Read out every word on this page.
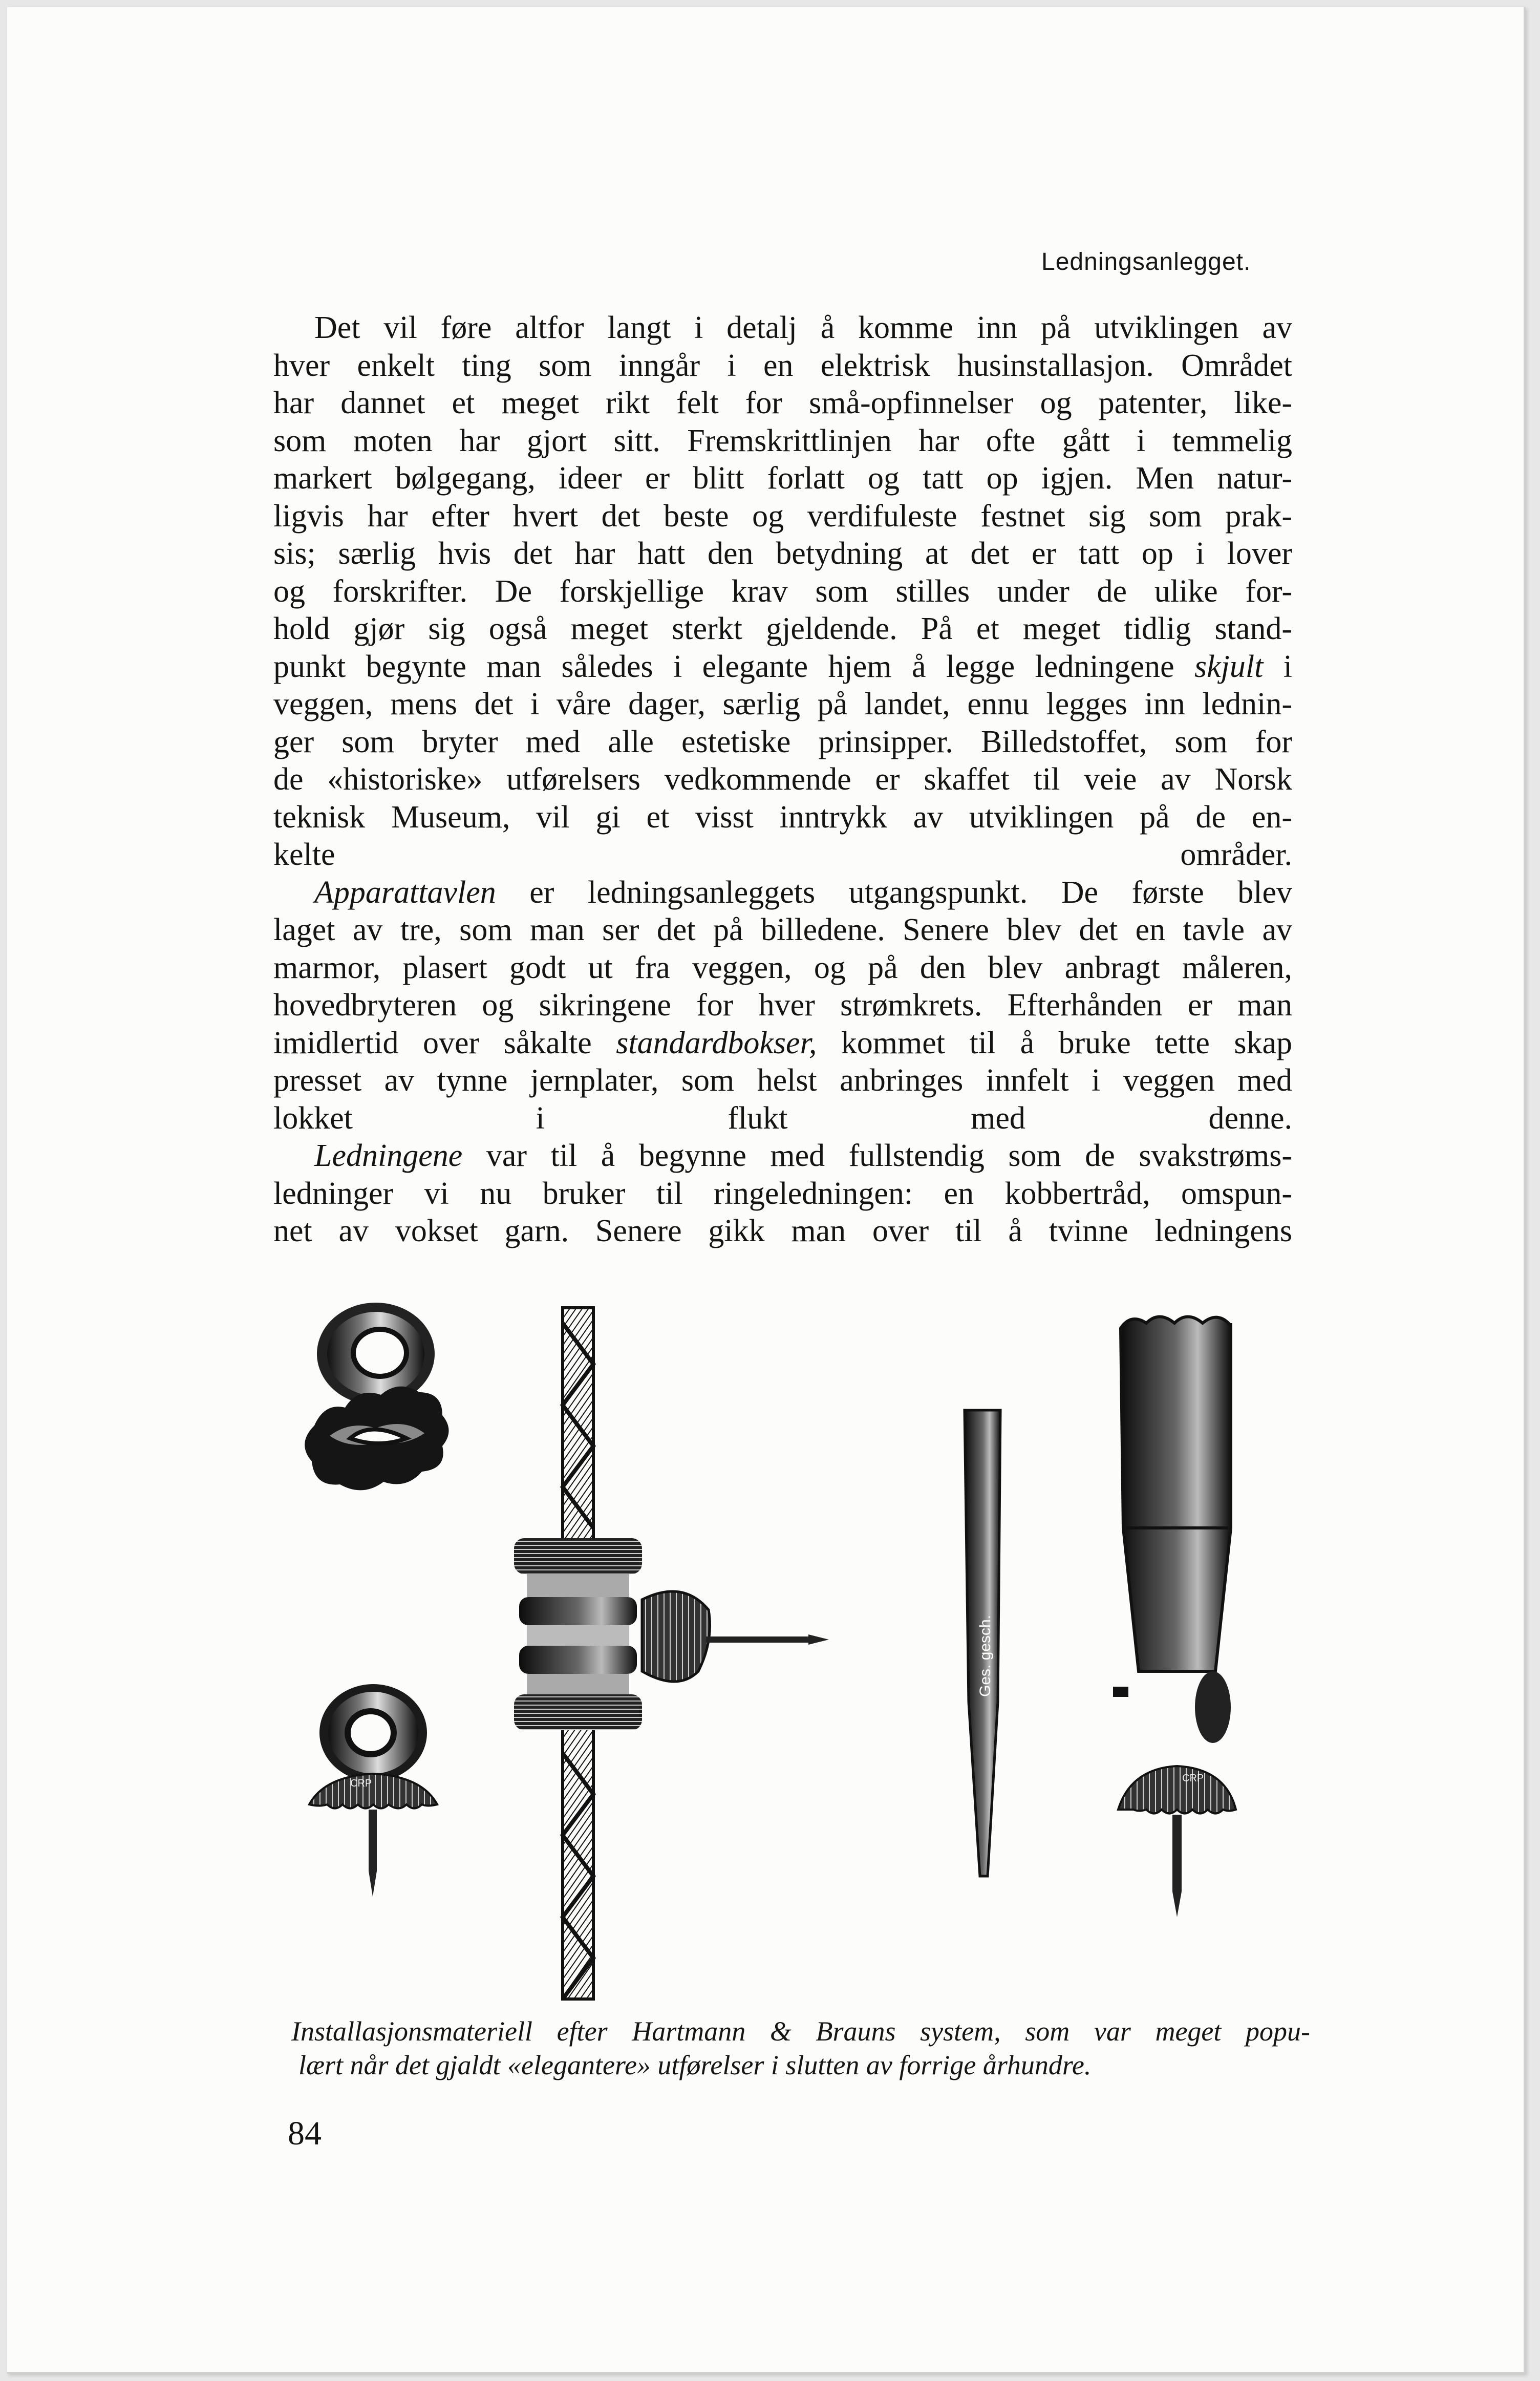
Ledningsanlegget.

Det vil føre altfor langt i detalj å komme inn på utviklingen av

hver enkelt ting som inngår i en elektrisk husinstallasjon. Området
har dannet et meget rikt felt for små-opfinnelser og patenter, like-
som moten har gjort sitt. Fremskrittlinjen har ofte gått i temmelig
markert bølgegang, ideer er blitt forlatt og tatt op igjen. Men natur-
ligvis har efter hvert det beste og verdifuleste festnet sig som prak-
sis; særlig hvis det har hatt den betydning at det er tatt op i lover
og forskrifter. De forskjellige krav som stilles under de ulike for-
hold gjør sig også meget sterkt gjeldende. På et meget tidlig stand-
punkt begynte man således i elegante hjem å legge ledningene skjult i
veggen, mens det i våre dager, særlig på landet, ennu legges inn lednin-
ger som bryter med alle estetiske prinsipper. Billedstoffet, som for
de «historiske» utførelsers vedkommende er skaffet til veie av Norsk
teknisk Museum, vil gi et visst inntrykk av utviklingen på de en-
kelte områder.

Apparattavlen er ledningsanleggets utgangspunkt. De første blev
laget av tre, som man ser det på billedene. Senere blev det en tavle av
marmor, plasert godt ut fra veggen, og på den blev anbragt måleren,
hovedbryteren og sikringene for hver strømkrets. Efterhånden er man
imidlertid over såkalte standardbokser, kommet til å bruke tette skap
presset av tynne jernplater, som helst anbringes innfelt i veggen med
lokket i flukt med denne.

Ledningene var til å begynne med fullstendig som de svakstrøms-
ledninger vi nu bruker til ringeledningen: en kobbertråd, omspun-
net av vokset garn. Senere gikk man over til å tvinne ledningens

CRP
Ges. gesch.
CRP
Installasjonsmateriell efter Hartmann & Brauns system, som var meget popu-
lært når det gjaldt «elegantere» utførelser i slutten av forrige århundre.
84
